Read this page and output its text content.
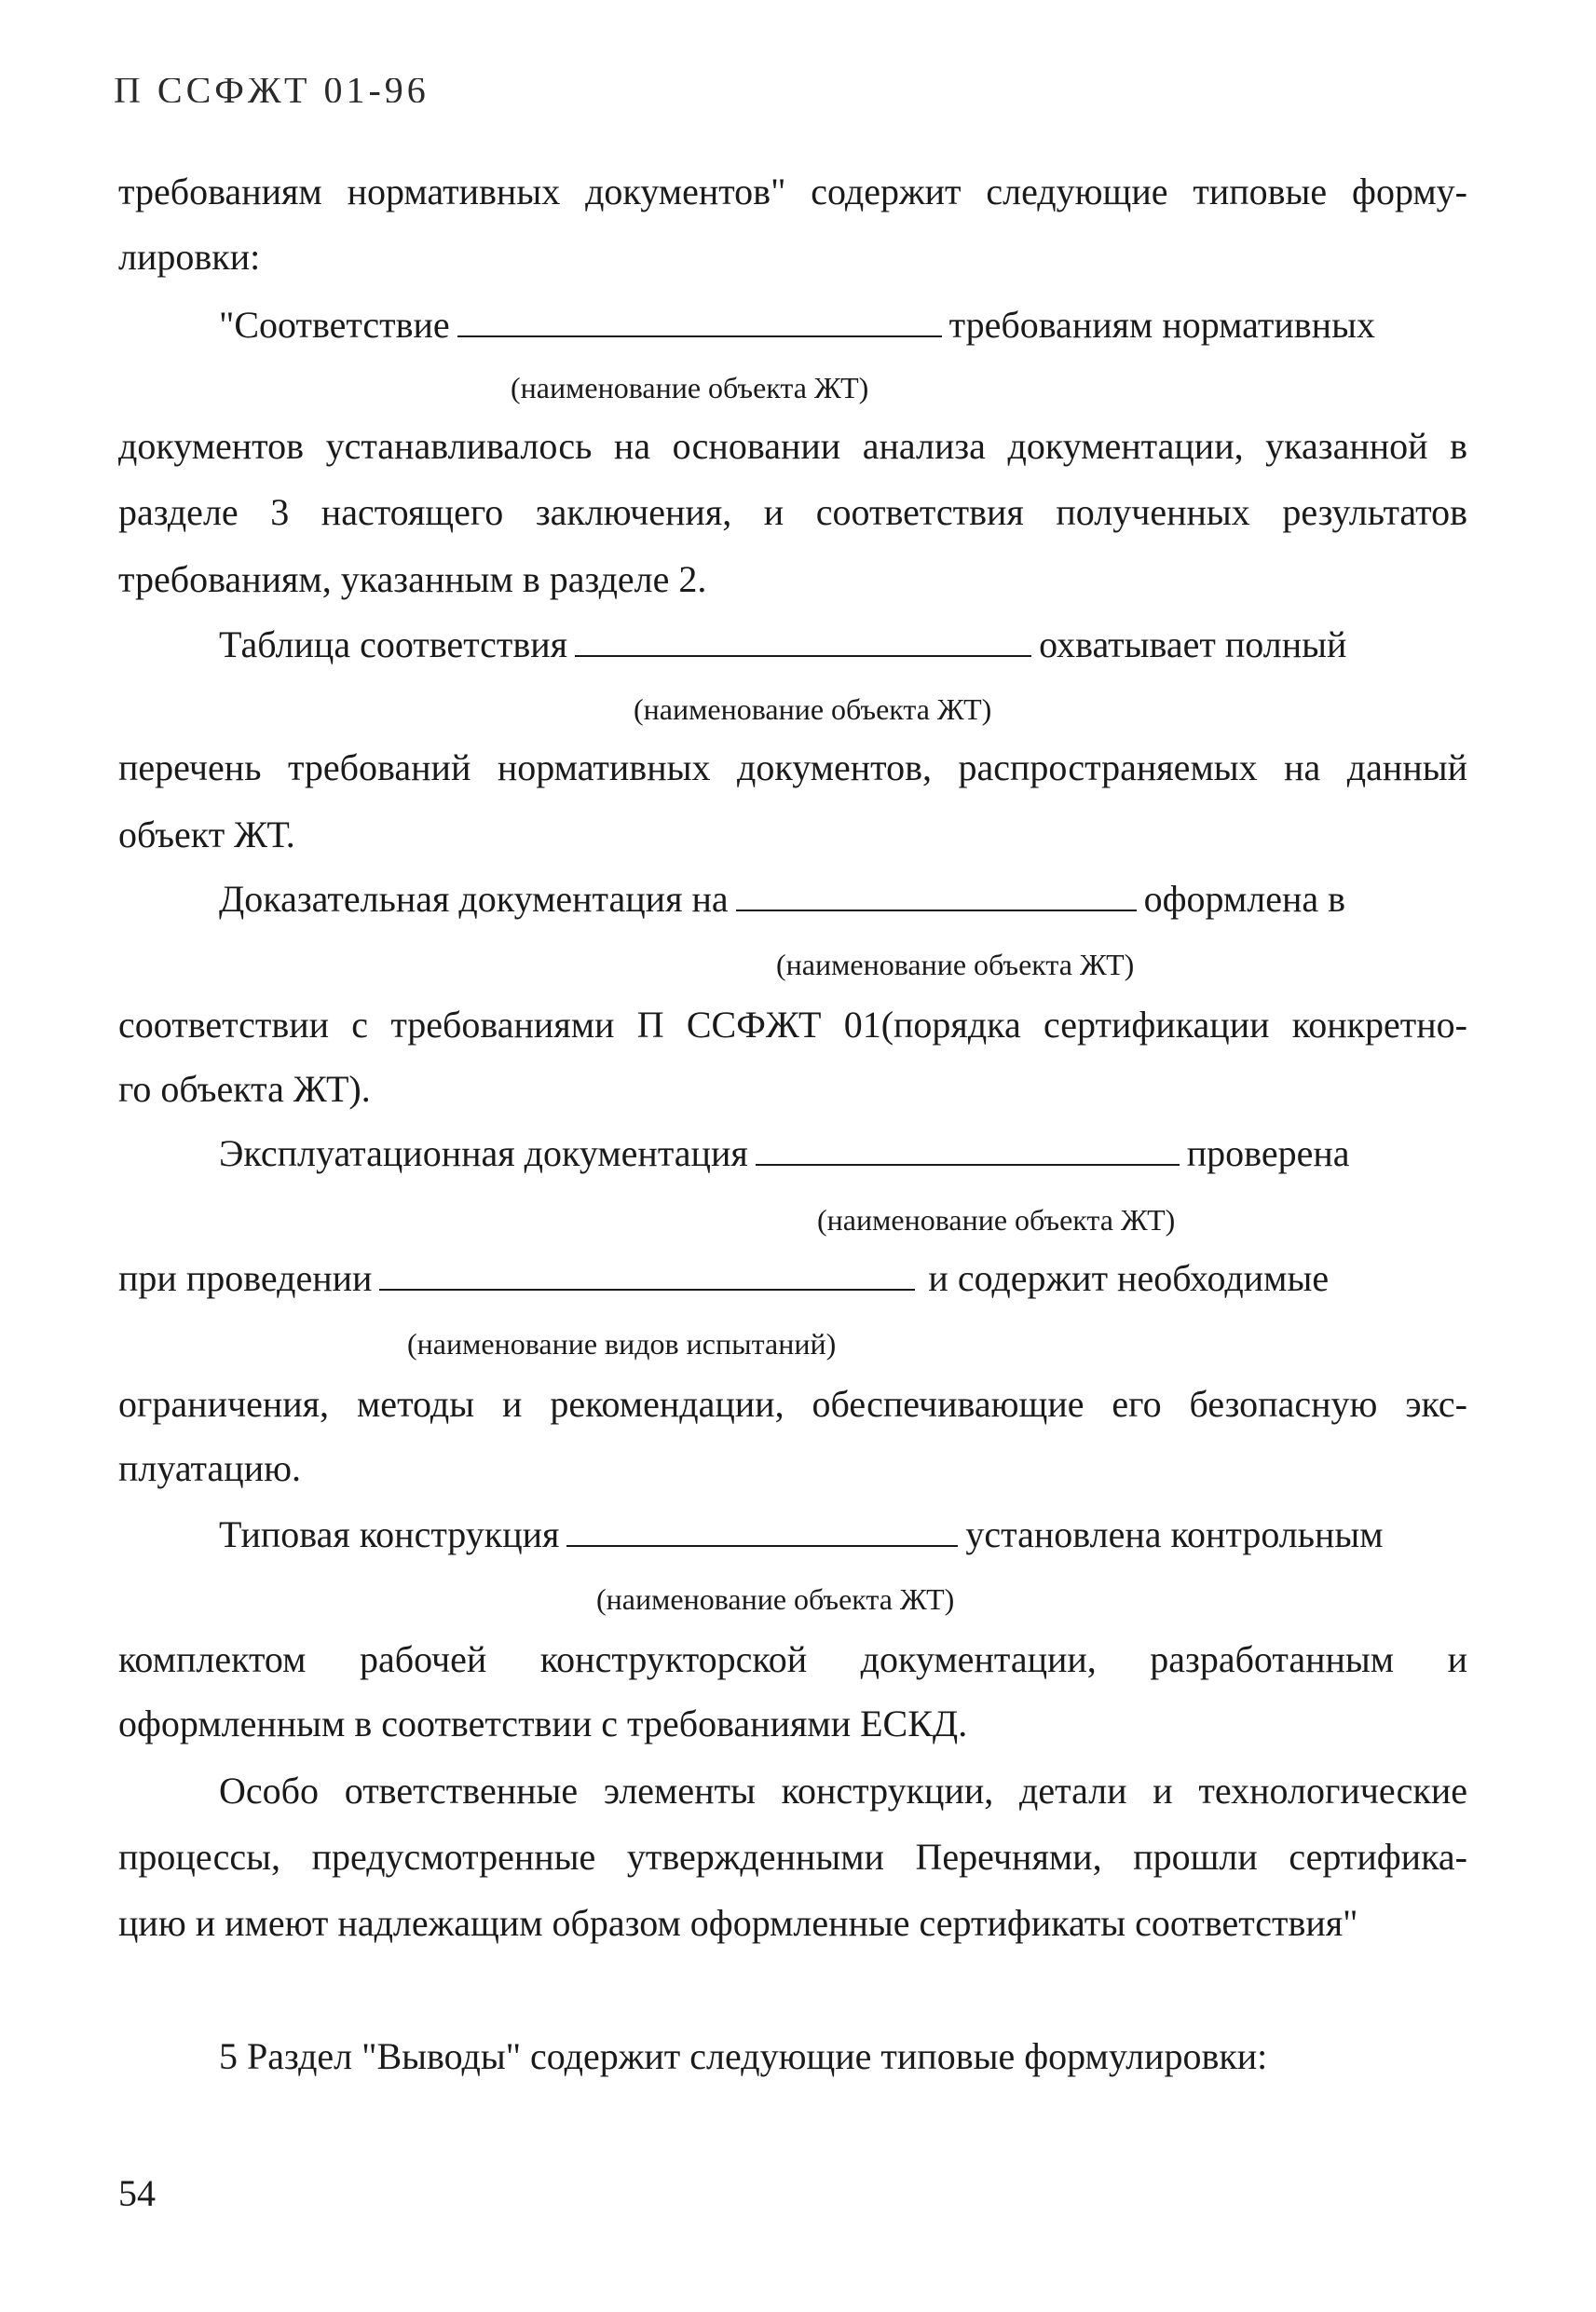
П ССФЖТ 01-96
требованиям нормативных документов" содержит следующие типовые форму-
лировки:
"Соответствие	требованиям нормативных
(наименование объекта ЖТ)
документов устанавливалось на основании анализа документации, указанной в
разделе 3 настоящего заключения, и соответствия полученных результатов
требованиям, указанным в разделе 2.
Таблица соответствия	охватывает полный
(наименование объекта ЖТ)
перечень требований нормативных документов, распространяемых на данный
объект ЖТ.
Доказательная документация на	оформлена в
(наименование объекта ЖТ)
соответствии с требованиями П ССФЖТ 01(порядка сертификации конкретно-
го объекта ЖТ).
Эксплуатационная документация	проверена
(наименование объекта ЖТ)
при проведении	и содержит необходимые
(наименование видов испытаний)
ограничения, методы и рекомендации, обеспечивающие его безопасную экс-
плуатацию.
Типовая конструкция	установлена контрольным
(наименование объекта ЖТ)
комплектом рабочей конструкторской документации, разработанным и
оформленным в соответствии с требованиями ЕСКД.
Особо ответственные элементы конструкции, детали и технологические
процессы, предусмотренные утвержденными Перечнями, прошли сертифика-
цию и имеют надлежащим образом оформленные сертификаты соответствия"
5 Раздел "Выводы" содержит следующие типовые формулировки:
54
